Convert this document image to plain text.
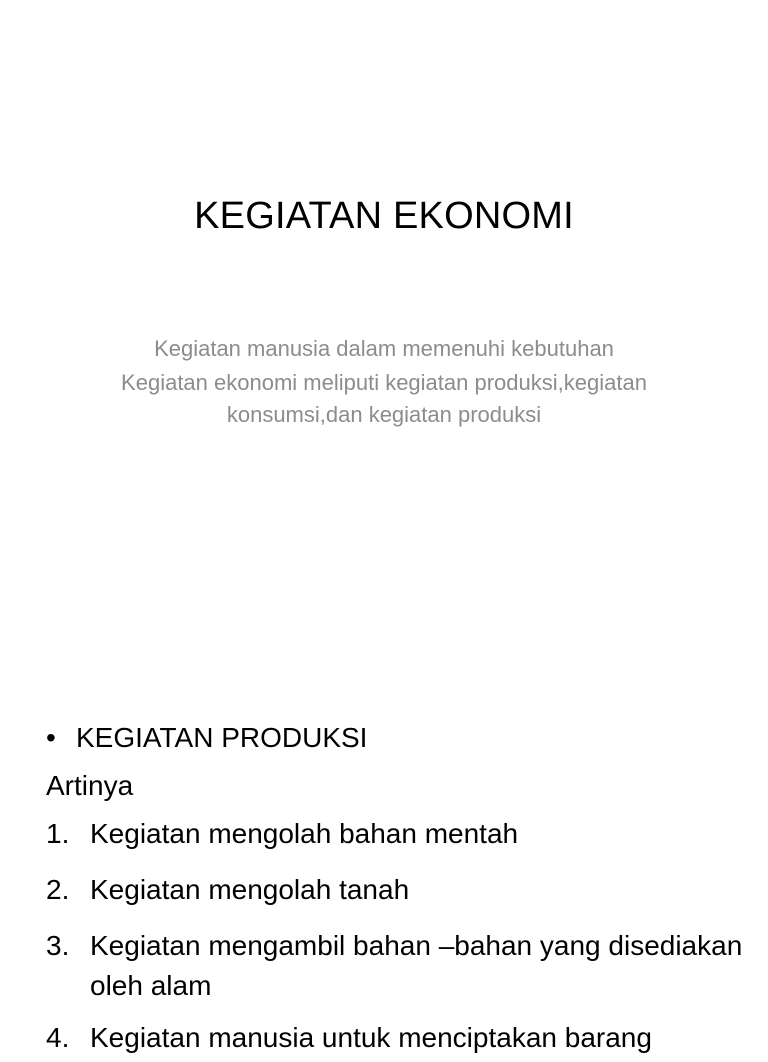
KEGIATAN EKONOMI
Kegiatan manusia dalam memenuhi kebutuhan
Kegiatan ekonomi meliputi kegiatan produksi,kegiatan konsumsi,dan kegiatan produksi
• KEGIATAN PRODUKSI
Artinya
1. Kegiatan mengolah bahan mentah
2. Kegiatan mengolah tanah
3. Kegiatan mengambil bahan –bahan yang disediakan oleh alam
4. Kegiatan manusia untuk menciptakan barang
